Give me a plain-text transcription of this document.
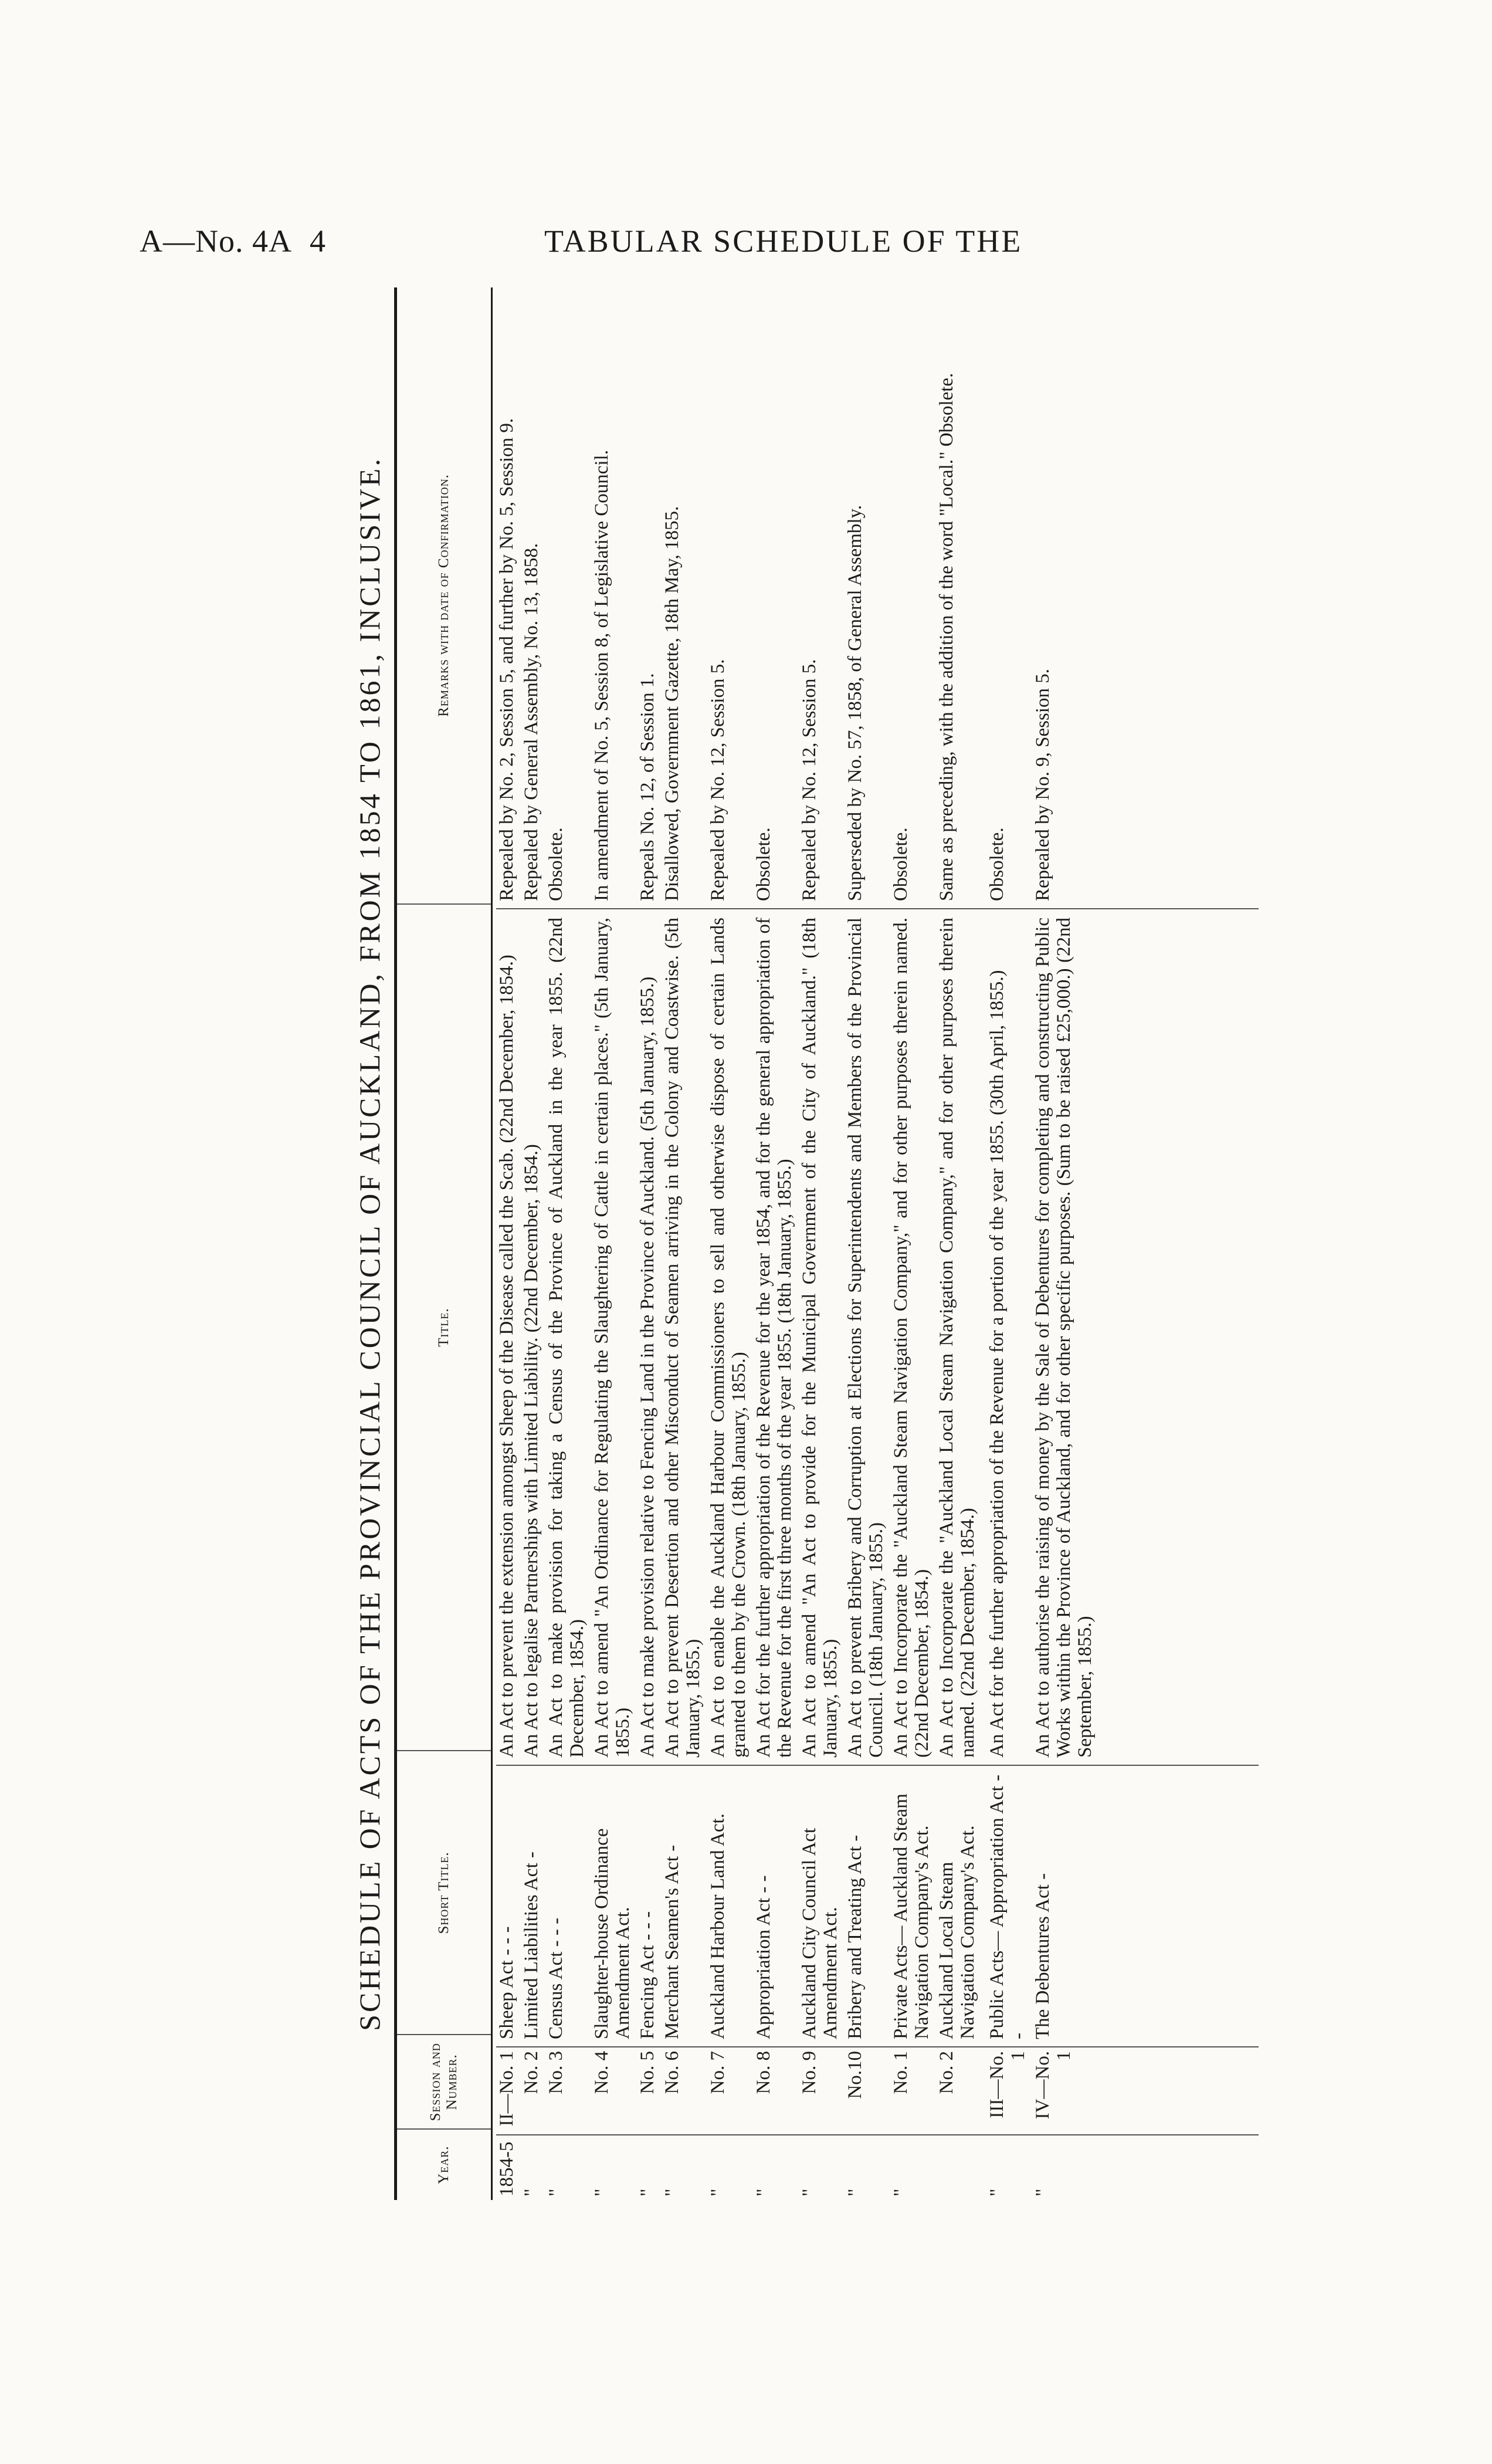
A—No. 4A 4	TABULAR SCHEDULE OF THE
SCHEDULE OF ACTS OF THE PROVINCIAL COUNCIL OF AUCKLAND, FROM 1854 TO 1861, INCLUSIVE.
Year.
Session and Number.
Short Title.
Title.
Remarks with date of Confirmation.
1854-5
II—No. 1
Sheep Act - - -
An Act to prevent the extension amongst Sheep of the Disease called the Scab. (22nd December, 1854.)
Repealed by No. 2, Session 5, and further by No. 5, Session 9.
"
No. 2
Limited Liabilities Act -
An Act to legalise Partnerships with Limited Liability. (22nd December, 1854.)
Repealed by General Assembly, No. 13, 1858.
"
No. 3
Census Act - - -
An Act to make provision for taking a Census of the Province of Auckland in the year 1855. (22nd December, 1854.)
Obsolete.
"
No. 4
Slaughter-house Ordinance Amendment Act.
An Act to amend "An Ordinance for Regulating the Slaughtering of Cattle in certain places." (5th January, 1855.)
In amendment of No. 5, Session 8, of Legislative Council.
"
No. 5
Fencing Act - - -
An Act to make provision relative to Fencing Land in the Province of Auckland. (5th January, 1855.)
Repeals No. 12, of Session 1.
"
No. 6
Merchant Seamen's Act -
An Act to prevent Desertion and other Misconduct of Seamen arriving in the Colony and Coastwise. (5th January, 1855.)
Disallowed, Government Gazette, 18th May, 1855.
"
No. 7
Auckland Harbour Land Act.
An Act to enable the Auckland Harbour Commissioners to sell and otherwise dispose of certain Lands granted to them by the Crown. (18th January, 1855.)
Repealed by No. 12, Session 5.
"
No. 8
Appropriation Act - -
An Act for the further appropriation of the Revenue for the year 1854, and for the general appropriation of the Revenue for the first three months of the year 1855. (18th January, 1855.)
Obsolete.
"
No. 9
Auckland City Council Act Amendment Act.
An Act to amend "An Act to provide for the Municipal Government of the City of Auckland." (18th January, 1855.)
Repealed by No. 12, Session 5.
"
No.10
Bribery and Treating Act -
An Act to prevent Bribery and Corruption at Elections for Superintendents and Members of the Provincial Council. (18th January, 1855.)
Superseded by No. 57, 1858, of General Assembly.
"
No. 1
Private Acts— Auckland Steam Navigation Company's Act.
An Act to Incorporate the "Auckland Steam Navigation Company," and for other purposes therein named. (22nd December, 1854.)
Obsolete.
No. 2
Auckland Local Steam Navigation Company's Act.
An Act to Incorporate the "Auckland Local Steam Navigation Company," and for other purposes therein named. (22nd December, 1854.)
Same as preceding, with the addition of the word "Local." Obsolete.
"
III—No. 1
Public Acts— Appropriation Act - -
An Act for the further appropriation of the Revenue for a portion of the year 1855. (30th April, 1855.)
Obsolete.
"
IV—No. 1
The Debentures Act -
An Act to authorise the raising of money by the Sale of Debentures for completing and constructing Public Works within the Province of Auckland, and for other specific purposes. (Sum to be raised £25,000.) (22nd September, 1855.)
Repealed by No. 9, Session 5.
